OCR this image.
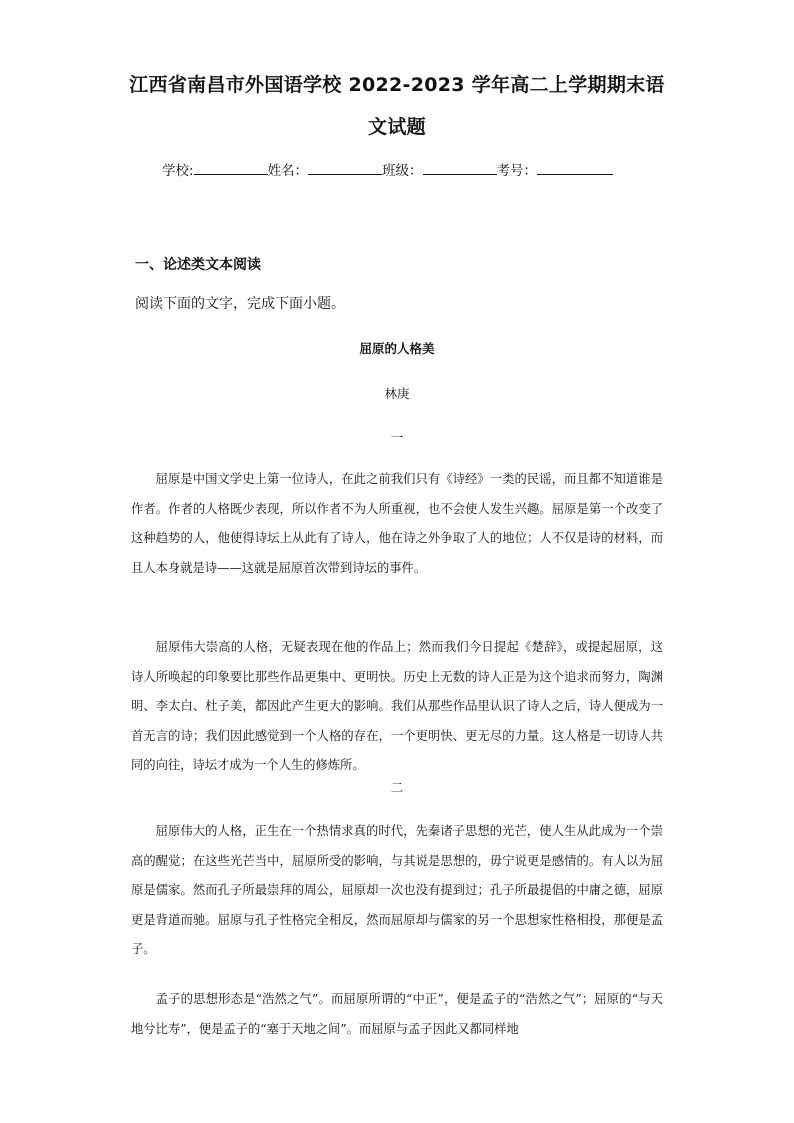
江西省南昌市外国语学校 2022-2023 学年高二上学期期末语
文试题
学校:	姓名：	班级：	考号：
一、论述类文本阅读
阅读下面的文字，完成下面小题。
屈原的人格美
林庚
一
屈原是中国文学史上第一位诗人，在此之前我们只有《诗经》一类的民谣，而且都不知道谁是作者。作者的人格既少表现，所以作者不为人所重视，也不会使人发生兴趣。屈原是第一个改变了这种趋势的人，他使得诗坛上从此有了诗人，他在诗之外争取了人的地位；人不仅是诗的材料，而且人本身就是诗——这就是屈原首次带到诗坛的事件。
屈原伟大崇高的人格，无疑表现在他的作品上；然而我们今日提起《楚辞》，或提起屈原，这诗人所唤起的印象要比那些作品更集中、更明快。历史上无数的诗人正是为这个追求而努力，陶渊明、李太白、杜子美，都因此产生更大的影响。我们从那些作品里认识了诗人之后，诗人便成为一首无言的诗；我们因此感觉到一个人格的存在，一个更明快、更无尽的力量。这人格是一切诗人共同的向往，诗坛才成为一个人生的修炼所。
二
屈原伟大的人格，正生在一个热情求真的时代，先秦诸子思想的光芒，使人生从此成为一个崇高的醒觉；在这些光芒当中，屈原所受的影响，与其说是思想的，毋宁说更是感情的。有人以为屈原是儒家。然而孔子所最崇拜的周公，屈原却一次也没有提到过；孔子所最提倡的中庸之德，屈原更是背道而驰。屈原与孔子性格完全相反，然而屈原却与儒家的另一个思想家性格相投，那便是孟子。
孟子的思想形态是“浩然之气”。而屈原所谓的“中正”，便是孟子的“浩然之气”；屈原的“与天地兮比寿”，便是孟子的“塞于天地之间”。而屈原与孟子因此又都同样地
